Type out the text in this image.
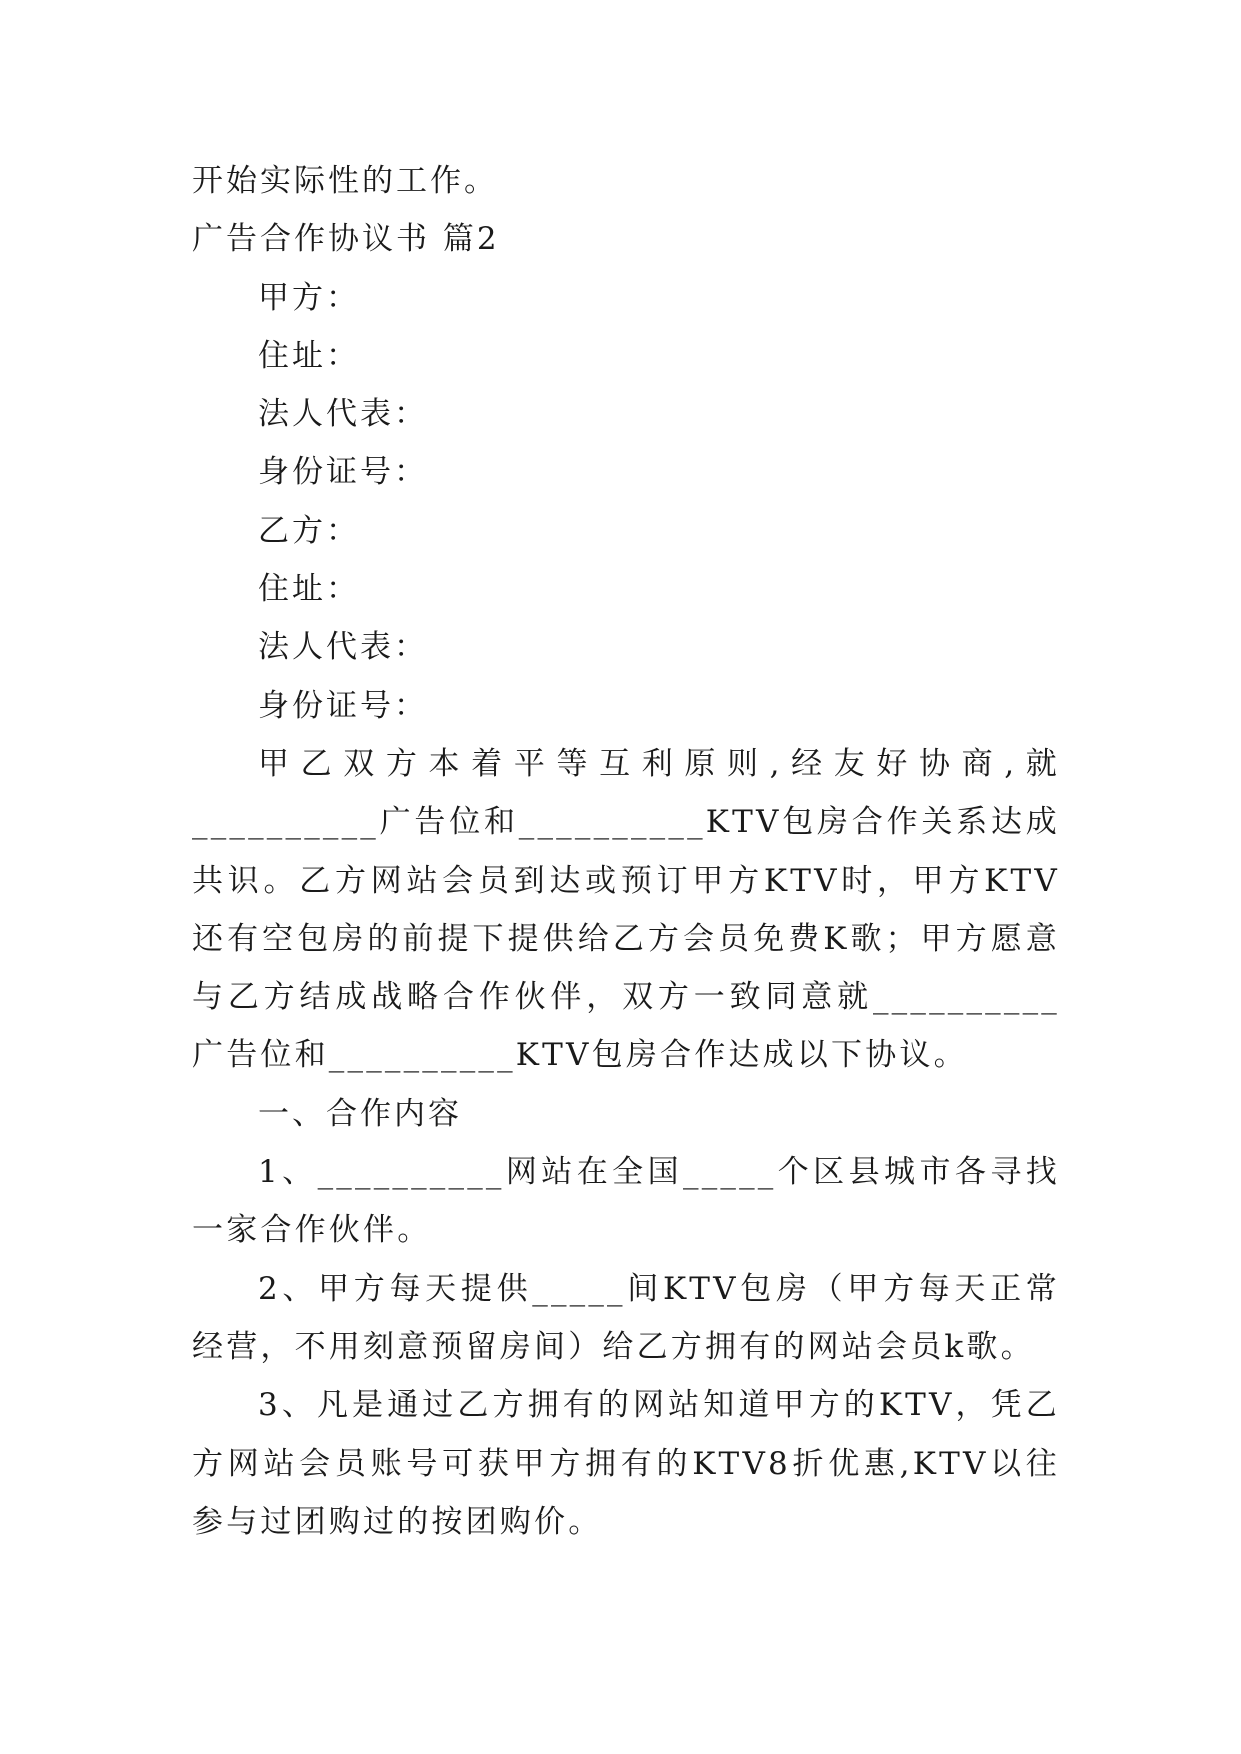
开始实际性的工作。

广告合作协议书 篇2

甲方：

住址：

法人代表：

身份证号：

乙方：

住址：

法人代表：

身份证号：

甲乙双方本着平等互利原则,经友好协商,就__________广告位和__________KTV包房合作关系达成共识。乙方网站会员到达或预订甲方KTV时，甲方KTV还有空包房的前提下提供给乙方会员免费K歌；甲方愿意与乙方结成战略合作伙伴，双方一致同意就__________广告位和__________KTV包房合作达成以下协议。

一、合作内容

1、__________网站在全国_____个区县城市各寻找一家合作伙伴。

2、甲方每天提供_____间KTV包房（甲方每天正常经营，不用刻意预留房间）给乙方拥有的网站会员k歌。

3、凡是通过乙方拥有的网站知道甲方的KTV，凭乙方网站会员账号可获甲方拥有的KTV8折优惠,KTV以往参与过团购过的按团购价。
